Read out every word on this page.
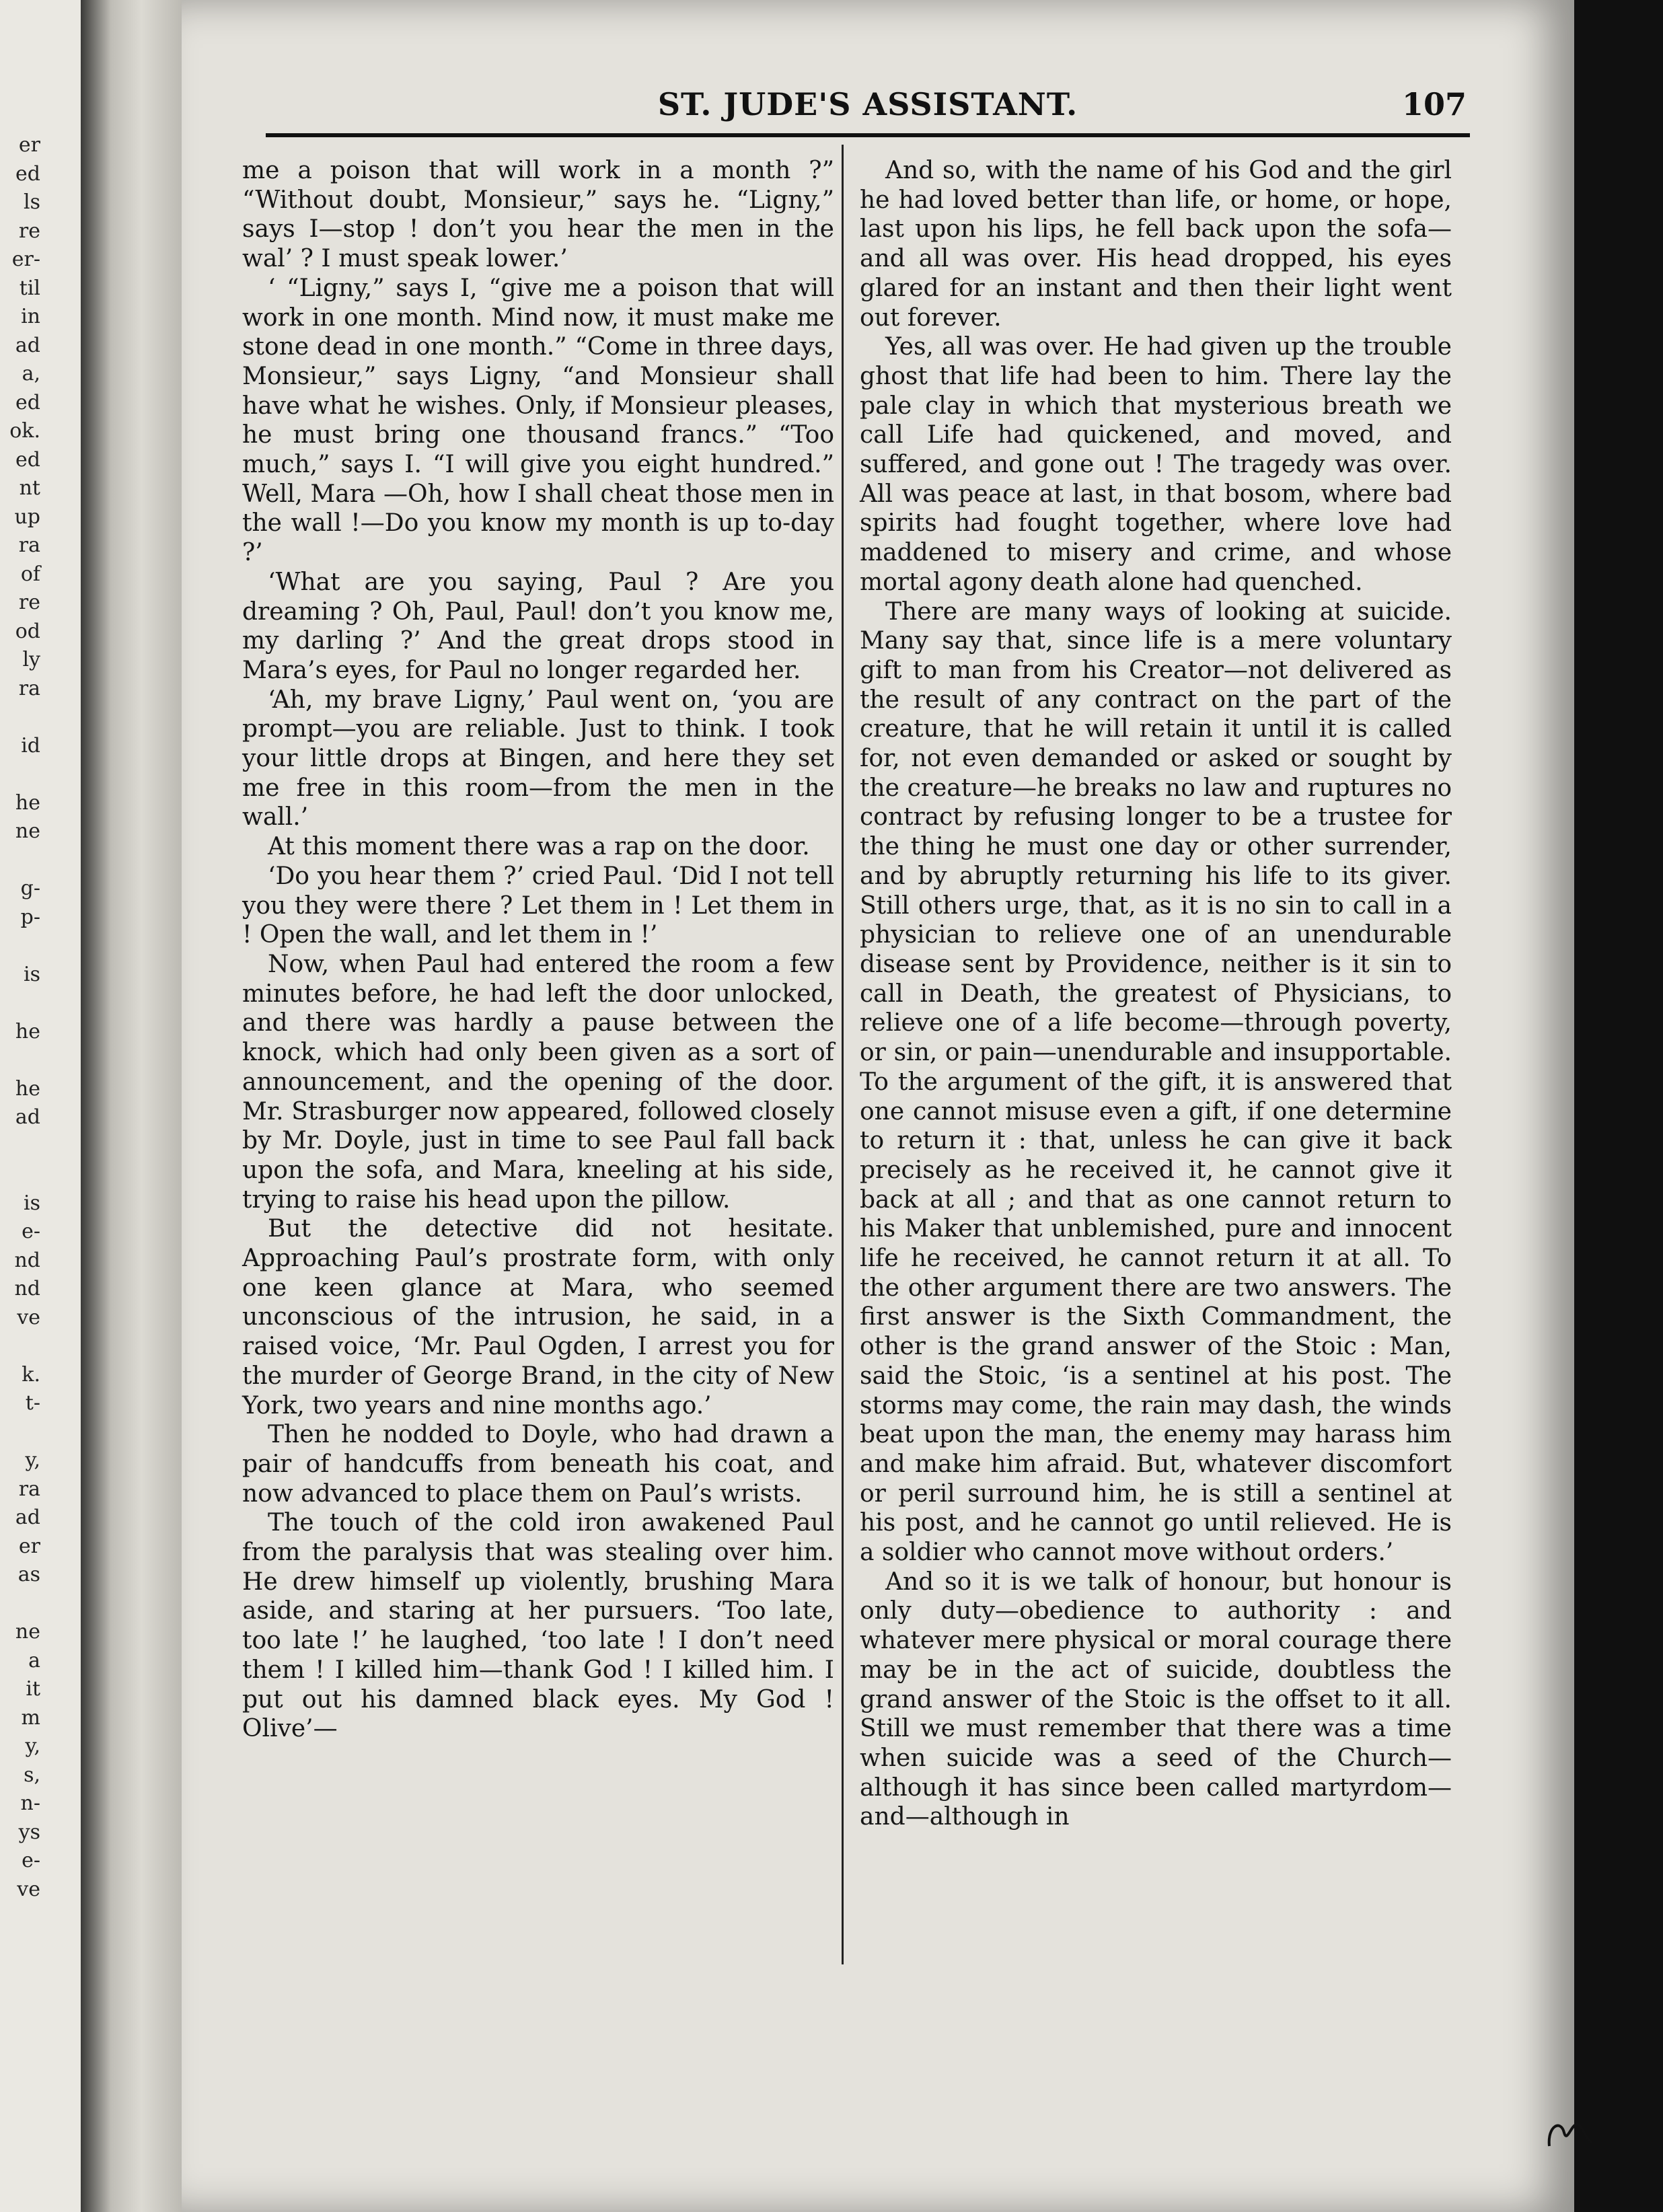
er
ed
ls
re
er-
til
in
ad
a,
ed
ok.
ed
nt
up
ra
of
re
od
ly
ra
id
he
ne
g-
p-
is
he
he
ad
is
e-
nd
nd
ve
k.
t-
y,
ra
ad
er
as
ne
a
it
m
y,
s,
n-
ys
e-
ve
ST. JUDE'S ASSISTANT.	107

me a poison that will work in a month ?” “Without doubt, Monsieur,” says he. “Ligny,” says I—stop ! don’t you hear the men in the wal’ ? I must speak lower.’

‘ “Ligny,” says I, “give me a poison that will work in one month. Mind now, it must make me stone dead in one month.” “Come in three days, Monsieur,” says Ligny, “and Monsieur shall have what he wishes. Only, if Monsieur pleases, he must bring one thousand francs.” “Too much,” says I. “I will give you eight hundred.” Well, Mara —Oh, how I shall cheat those men in the wall !—Do you know my month is up to-day ?’

‘What are you saying, Paul ? Are you dreaming ? Oh, Paul, Paul! don’t you know me, my darling ?’ And the great drops stood in Mara’s eyes, for Paul no longer regarded her.

‘Ah, my brave Ligny,’ Paul went on, ‘you are prompt—you are reliable. Just to think. I took your little drops at Bingen, and here they set me free in this room—from the men in the wall.’

At this moment there was a rap on the door.

‘Do you hear them ?’ cried Paul. ‘Did I not tell you they were there ? Let them in ! Let them in ! Open the wall, and let them in !’

Now, when Paul had entered the room a few minutes before, he had left the door unlocked, and there was hardly a pause between the knock, which had only been given as a sort of announcement, and the opening of the door. Mr. Strasburger now appeared, followed closely by Mr. Doyle, just in time to see Paul fall back upon the sofa, and Mara, kneeling at his side, trying to raise his head upon the pillow.

But the detective did not hesitate. Approaching Paul’s prostrate form, with only one keen glance at Mara, who seemed unconscious of the intrusion, he said, in a raised voice, ‘Mr. Paul Ogden, I arrest you for the murder of George Brand, in the city of New York, two years and nine months ago.’

Then he nodded to Doyle, who had drawn a pair of handcuffs from beneath his coat, and now advanced to place them on Paul’s wrists.

The touch of the cold iron awakened Paul from the paralysis that was stealing over him. He drew himself up violently, brushing Mara aside, and staring at her pursuers. ‘Too late, too late !’ he laughed, ‘too late ! I don’t need them ! I killed him—thank God ! I killed him. I put out his damned black eyes. My God ! Olive’—

And so, with the name of his God and the girl he had loved better than life, or home, or hope, last upon his lips, he fell back upon the sofa—and all was over. His head dropped, his eyes glared for an instant and then their light went out forever.

Yes, all was over. He had given up the trouble ghost that life had been to him. There lay the pale clay in which that mysterious breath we call Life had quickened, and moved, and suffered, and gone out ! The tragedy was over. All was peace at last, in that bosom, where bad spirits had fought together, where love had maddened to misery and crime, and whose mortal agony death alone had quenched.

There are many ways of looking at suicide. Many say that, since life is a mere voluntary gift to man from his Creator—not delivered as the result of any contract on the part of the creature, that he will retain it until it is called for, not even demanded or asked or sought by the creature—he breaks no law and ruptures no contract by refusing longer to be a trustee for the thing he must one day or other surrender, and by abruptly returning his life to its giver. Still others urge, that, as it is no sin to call in a physician to relieve one of an unendurable disease sent by Providence, neither is it sin to call in Death, the greatest of Physicians, to relieve one of a life become—through poverty, or sin, or pain—unendurable and insupportable. To the argument of the gift, it is answered that one cannot misuse even a gift, if one determine to return it : that, unless he can give it back precisely as he received it, he cannot give it back at all ; and that as one cannot return to his Maker that unblemished, pure and innocent life he received, he cannot return it at all. To the other argument there are two answers. The first answer is the Sixth Commandment, the other is the grand answer of the Stoic : Man, said the Stoic, ‘is a sentinel at his post. The storms may come, the rain may dash, the winds beat upon the man, the enemy may harass him and make him afraid. But, whatever discomfort or peril surround him, he is still a sentinel at his post, and he cannot go until relieved. He is a soldier who cannot move without orders.’

And so it is we talk of honour, but honour is only duty—obedience to authority : and whatever mere physical or moral courage there may be in the act of suicide, doubtless the grand answer of the Stoic is the offset to it all. Still we must remember that there was a time when suicide was a seed of the Church—although it has since been called martyrdom—and—although in
